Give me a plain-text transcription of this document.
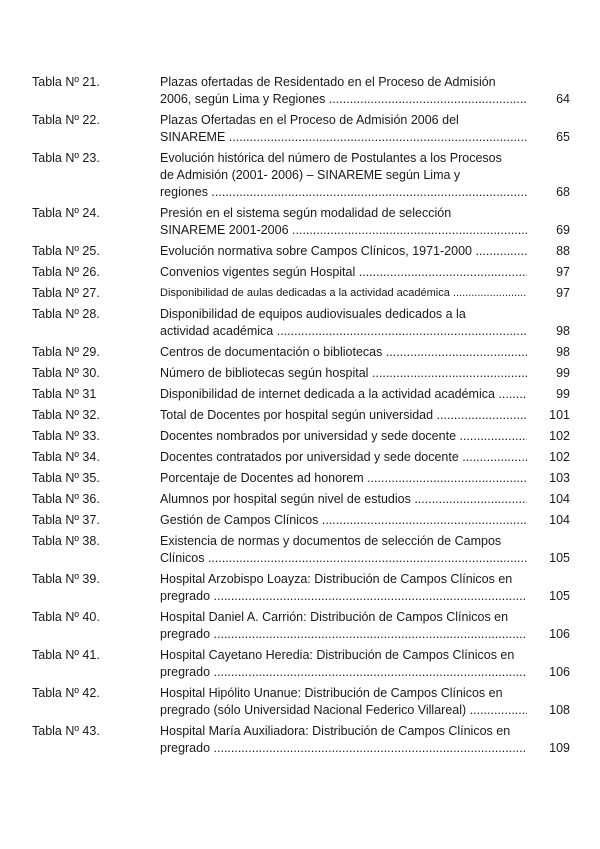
Tabla Nº 21.	Plazas ofertadas de Residentado en el Proceso de Admisión
2006, según Lima y Regiones .....	64
Tabla Nº 22.	Plazas Ofertadas en el Proceso de Admisión 2006 del
SINAREME .....	65
Tabla Nº 23.	Evolución histórica del número de Postulantes a los Procesos
de Admisión (2001- 2006) – SINAREME según Lima y
regiones .....	68
Tabla Nº 24.	Presión en el sistema según modalidad de selección
SINAREME 2001-2006 .....	69
Tabla Nº 25.	Evolución normativa sobre Campos Clínicos, 1971-2000 .....	88
Tabla Nº 26.	Convenios vigentes según Hospital .....	97
Tabla Nº 27.	Disponibilidad de aulas dedicadas a la actividad académica .....	97
Tabla Nº 28.	Disponibilidad de equipos audiovisuales dedicados a la
actividad académica .....	98
Tabla Nº 29.	Centros de documentación o bibliotecas .....	98
Tabla Nº 30.	Número de bibliotecas según hospital .....	99
Tabla Nº 31	Disponibilidad de internet dedicada a la actividad académica .....	99
Tabla Nº 32.	Total de Docentes por hospital según universidad .....	101
Tabla Nº 33.	Docentes nombrados por universidad y sede docente .....	102
Tabla Nº 34.	Docentes contratados por universidad y sede docente .....	102
Tabla Nº 35.	Porcentaje de Docentes ad honorem .....	103
Tabla Nº 36.	Alumnos por hospital según nivel de estudios .....	104
Tabla Nº 37.	Gestión de Campos Clínicos .....	104
Tabla Nº 38.	Existencia de normas y documentos de selección de Campos
Clínicos .....	105
Tabla Nº 39.	Hospital Arzobispo Loayza: Distribución de Campos Clínicos en
pregrado .....	105
Tabla Nº 40.	Hospital Daniel A. Carrión: Distribución de Campos Clínicos en
pregrado .....	106
Tabla Nº 41.	Hospital Cayetano Heredia: Distribución de Campos Clínicos en
pregrado .....	106
Tabla Nº 42.	Hospital Hipólito Unanue: Distribución de Campos Clínicos en
pregrado (sólo Universidad Nacional Federico Villareal) .....	108
Tabla Nº 43.	Hospital María Auxiliadora: Distribución de Campos Clínicos en
pregrado .....	109
